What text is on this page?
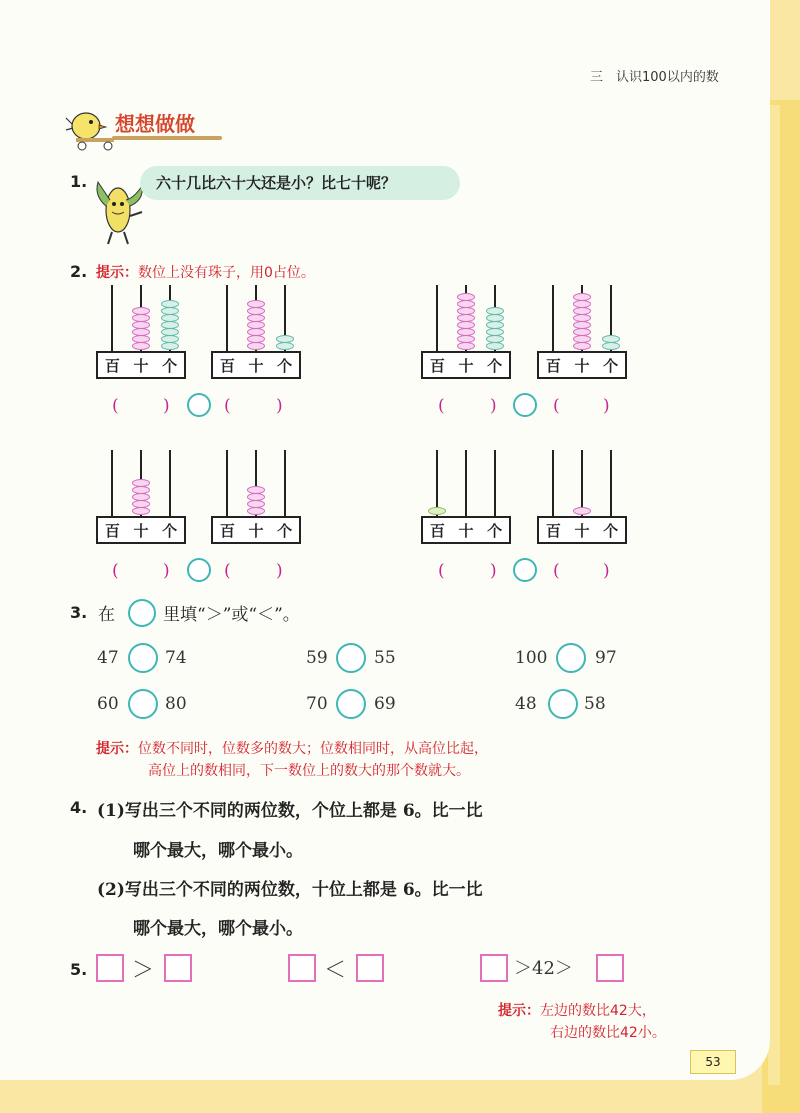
三　认识100以内的数
想想做做
1.	六十几比六十大还是小？比七十呢？
2. 提示：数位上没有珠子，用0占位。
百 十 个	百 十 个	百 十 个	百 十 个
百 十 个	百 十 个	百 十 个	百 十 个
(	)	(	)	(	)	(	)
(	)	(	)	(	)	(	)
3. 在	里填“＞”或“＜”。
47	74	59	55	100	97
60	80	70	69	48	58
提示：位数不同时，位数多的数大；位数相同时，从高位比起，
高位上的数相同，下一数位上的数大的那个数就大。
4. (1)写出三个不同的两位数，个位上都是 6。比一比
哪个最大，哪个最小。
(2)写出三个不同的两位数，十位上都是 6。比一比
哪个最大，哪个最小。
5. ＞	＜	＞42＞
提示：左边的数比42大，
右边的数比42小。
53
